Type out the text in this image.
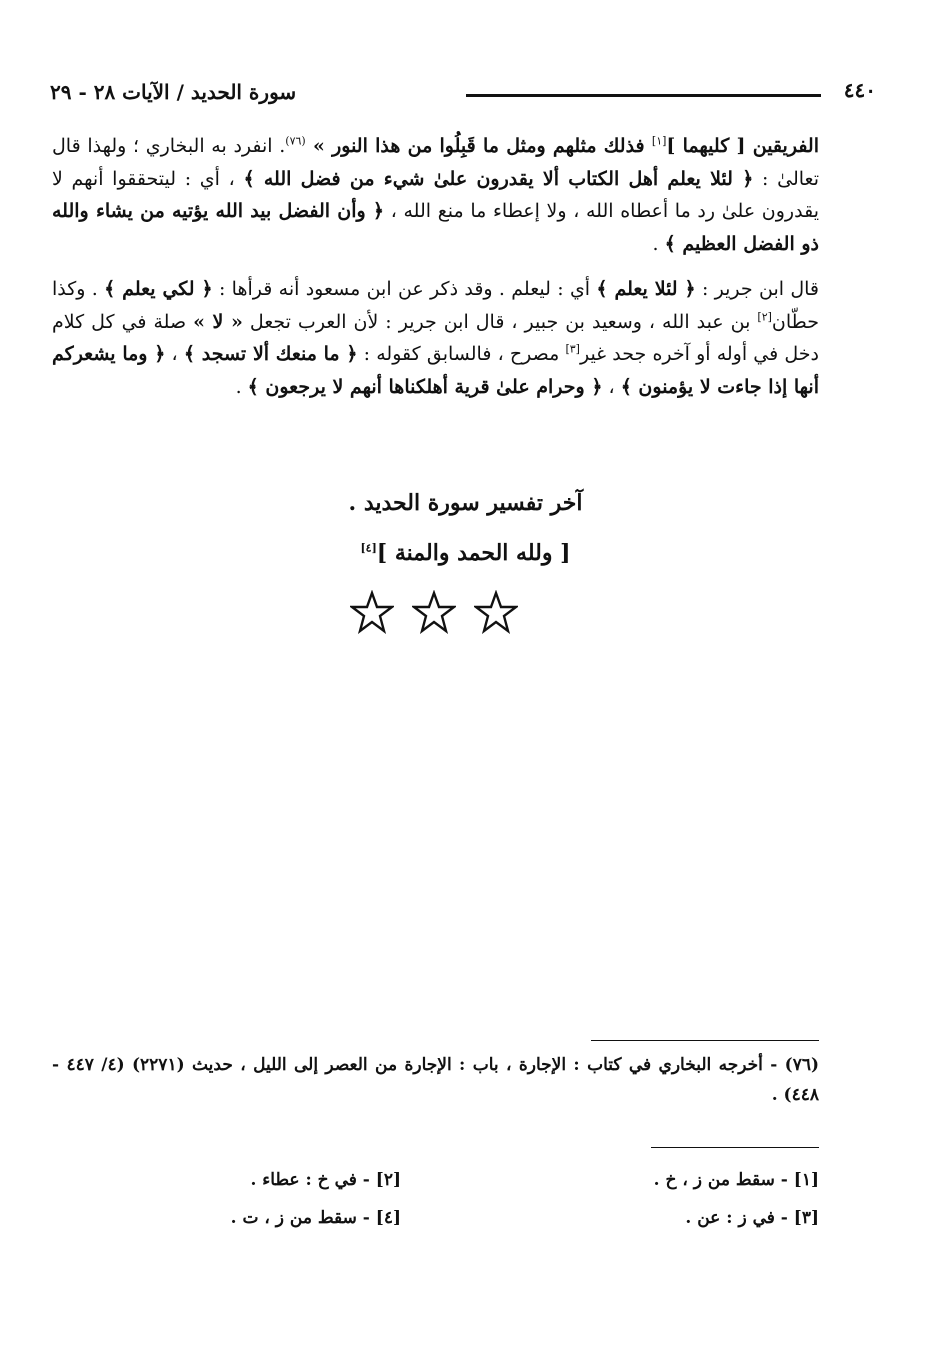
٤٤٠
سورة الحديد / الآيات ٢٨ - ٢٩

الفريقين [ كليهما ][١] فذلك مثلهم ومثل ما قَبِلُوا من هذا النور » $^{(٧٦)}$. انفرد به البخاري ؛ ولهذا قال تعالىٰ : ﴿ لئلا يعلم أهل الكتاب ألا يقدرون علىٰ شيء من فضل الله ﴾ ، أي : ليتحققوا أنهم لا يقدرون علىٰ رد ما أعطاه الله ، ولا إعطاء ما منع الله ، ﴿ وأن الفضل بيد الله يؤتيه من يشاء والله ذو الفضل العظيم ﴾ .

قال ابن جرير : ﴿ لئلا يعلم ﴾ أي : ليعلم . وقد ذكر عن ابن مسعود أنه قرأها : ﴿ لكي يعلم ﴾ . وكذا حطّان[٢] بن عبد الله ، وسعيد بن جبير ، قال ابن جرير : لأن العرب تجعل « لا » صلة في كل كلام دخل في أوله أو آخره جحد غير[٣] مصرح ، فالسابق كقوله : ﴿ ما منعك ألا تسجد ﴾ ، ﴿ وما يشعركم أنها إذا جاءت لا يؤمنون ﴾ ، ﴿ وحرام علىٰ قرية أهلكناها أنهم لا يرجعون ﴾ .

آخر تفسير سورة الحديد .
[ ولله الحمد والمنة ][٤]
(٧٦) - أخرجه البخاري في كتاب : الإجارة ، باب : الإجارة من العصر إلى الليل ، حديث (٢٢٧١) (٤/ ٤٤٧ - ٤٤٨) .
[١] - سقط من ز ، خ .
[٢] - في خ : عطاء .
[٣] - في ز : عن .
[٤] - سقط من ز ، ت .
